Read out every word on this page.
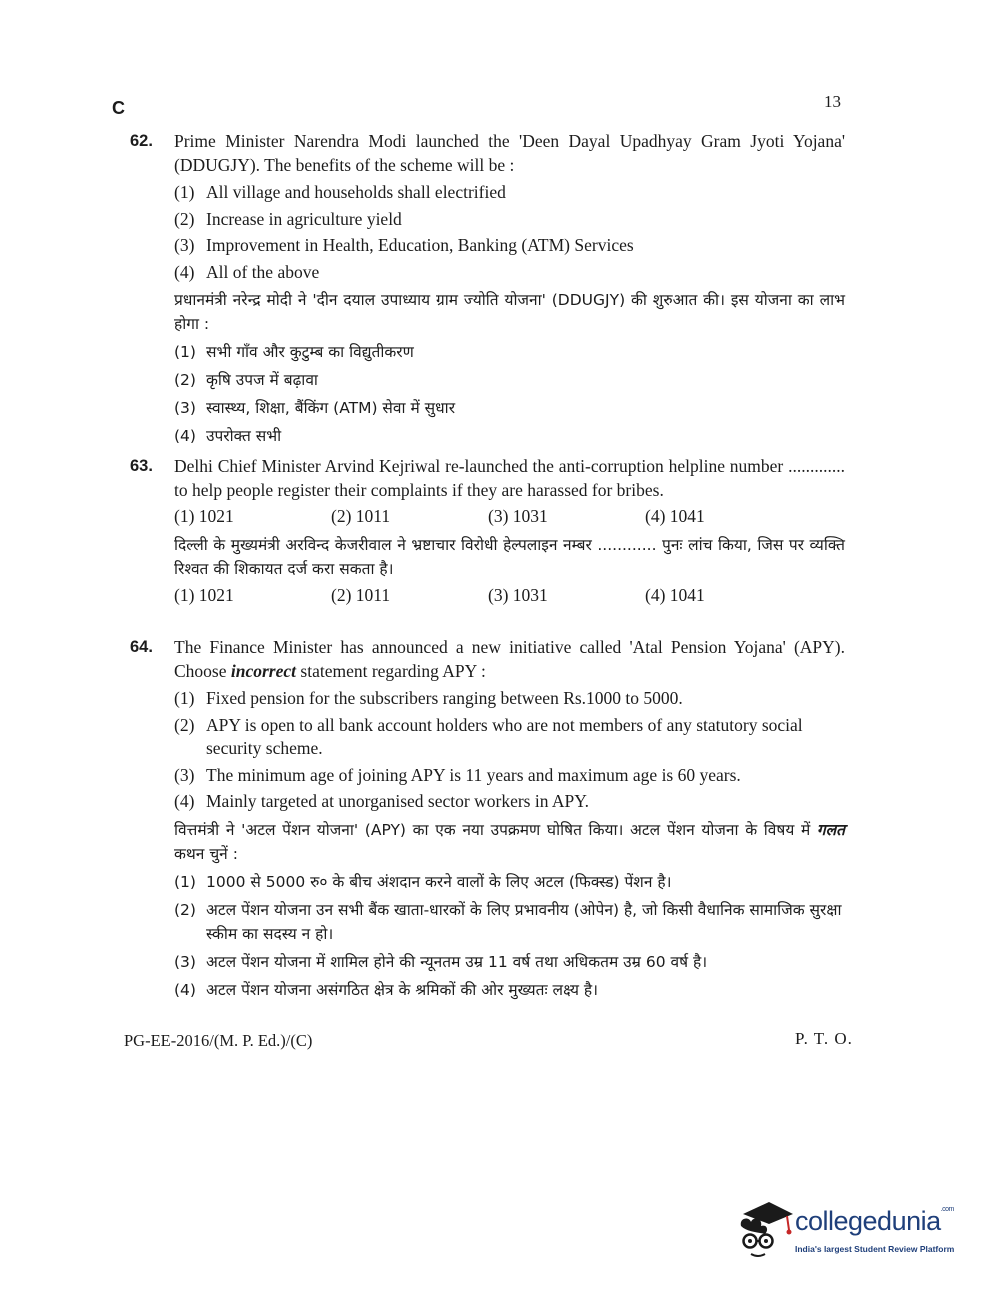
C	13
62. Prime Minister Narendra Modi launched the 'Deen Dayal Upadhyay Gram Jyoti Yojana' (DDUGJY). The benefits of the scheme will be :
(1) All village and households shall electrified
(2) Increase in agriculture yield
(3) Improvement in Health, Education, Banking (ATM) Services
(4) All of the above
प्रधानमंत्री नरेन्द्र मोदी ने 'दीन दयाल उपाध्याय ग्राम ज्योति योजना' (DDUGJY) की शुरुआत की। इस योजना का लाभ होगा :
(1) सभी गाँव और कुटुम्ब का विद्युतीकरण
(2) कृषि उपज में बढ़ावा
(3) स्वास्थ्य, शिक्षा, बैंकिंग (ATM) सेवा में सुधार
(4) उपरोक्त सभी
63. Delhi Chief Minister Arvind Kejriwal re-launched the anti-corruption helpline number ............. to help people register their complaints if they are harassed for bribes.
(1) 1021	(2) 1011	(3) 1031	(4) 1041
दिल्ली के मुख्यमंत्री अरविन्द केजरीवाल ने भ्रष्टाचार विरोधी हेल्पलाइन नम्बर ............ पुनः लांच किया, जिस पर व्यक्ति रिश्वत की शिकायत दर्ज करा सकता है।
(1) 1021	(2) 1011	(3) 1031	(4) 1041
64. The Finance Minister has announced a new initiative called 'Atal Pension Yojana' (APY). Choose incorrect statement regarding APY :
(1) Fixed pension for the subscribers ranging between Rs.1000 to 5000.
(2) APY is open to all bank account holders who are not members of any statutory social security scheme.
(3) The minimum age of joining APY is 11 years and maximum age is 60 years.
(4) Mainly targeted at unorganised sector workers in APY.
वित्तमंत्री ने 'अटल पेंशन योजना' (APY) का एक नया उपक्रमण घोषित किया। अटल पेंशन योजना के विषय में गलत कथन चुनें :
(1) 1000 से 5000 रु० के बीच अंशदान करने वालों के लिए अटल (फिक्स्ड) पेंशन है।
(2) अटल पेंशन योजना उन सभी बैंक खाता-धारकों के लिए प्रभावनीय (ओपेन) है, जो किसी वैधानिक सामाजिक सुरक्षा स्कीम का सदस्य न हो।
(3) अटल पेंशन योजना में शामिल होने की न्यूनतम उम्र 11 वर्ष तथा अधिकतम उम्र 60 वर्ष है।
(4) अटल पेंशन योजना असंगठित क्षेत्र के श्रमिकों की ओर मुख्यतः लक्ष्य है।
PG-EE-2016/(M. P. Ed.)/(C)	P. T. O.
collegedunia$^{.com}$
India's largest Student Review Platform
